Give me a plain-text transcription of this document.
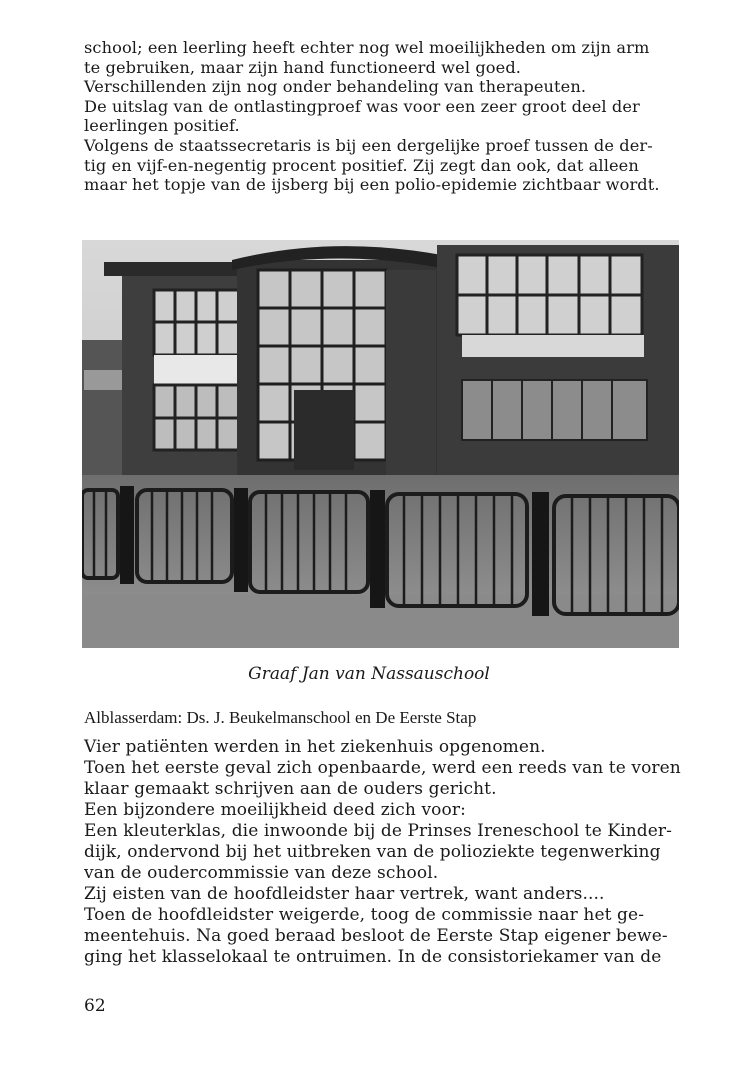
school; een leerling heeft echter nog wel moeilijkheden om zijn arm
te gebruiken, maar zijn hand functioneerd wel goed.
Verschillenden zijn nog onder behandeling van therapeuten.
De uitslag van de ontlastingproef was voor een zeer groot deel der
leerlingen positief.
Volgens de staatssecretaris is bij een dergelijke proef tussen de der-
tig en vijf-en-negentig procent positief. Zij zegt dan ook, dat alleen
maar het topje van de ijsberg bij een polio-epidemie zichtbaar wordt.
Graaf Jan van Nassauschool
Alblasserdam: Ds. J. Beukelmanschool en De Eerste Stap
Vier patiënten werden in het ziekenhuis opgenomen.
Toen het eerste geval zich openbaarde, werd een reeds van te voren
klaar gemaakt schrijven aan de ouders gericht.
Een bijzondere moeilijkheid deed zich voor:
Een kleuterklas, die inwoonde bij de Prinses Ireneschool te Kinder-
dijk, ondervond bij het uitbreken van de polioziekte tegenwerking
van de oudercommissie van deze school.
Zij eisten van de hoofdleidster haar vertrek, want anders....
Toen de hoofdleidster weigerde, toog de commissie naar het ge-
meentehuis. Na goed beraad besloot de Eerste Stap eigener bewe-
ging het klasselokaal te ontruimen. In de consistoriekamer van de
62
